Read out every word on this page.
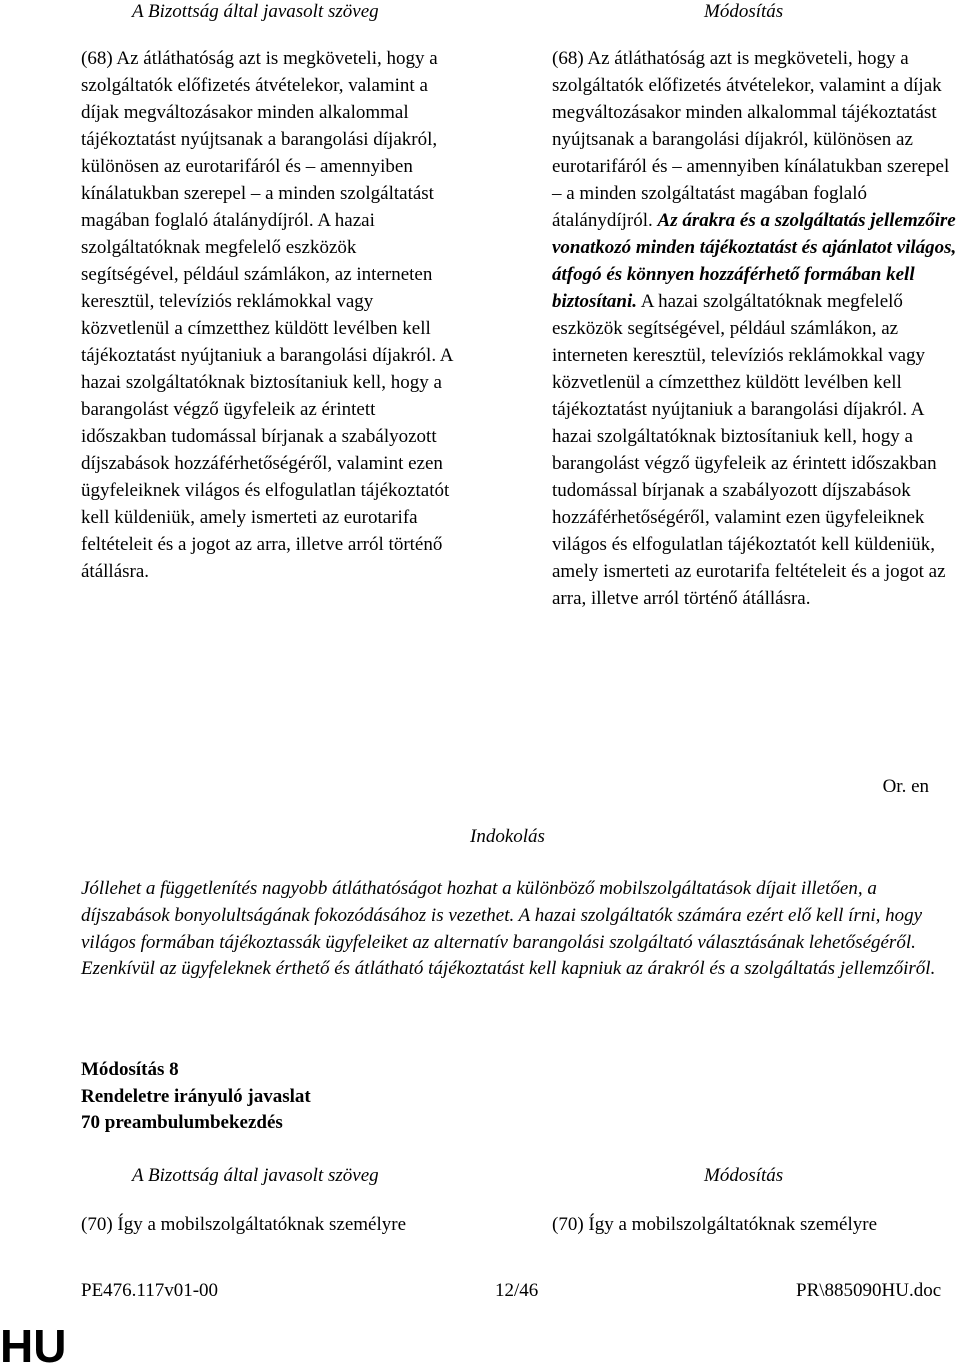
A Bizottság által javasolt szöveg	Módosítás

(68) Az átláthatóság azt is megköveteli, hogy a szolgáltatók előfizetés átvételekor, valamint a díjak megváltozásakor minden alkalommal tájékoztatást nyújtsanak a barangolási díjakról, különösen az eurotarifáról és – amennyiben kínálatukban szerepel – a minden szolgáltatást magában foglaló átalánydíjról. A hazai szolgáltatóknak megfelelő eszközök segítségével, például számlákon, az interneten keresztül, televíziós reklámokkal vagy közvetlenül a címzetthez küldött levélben kell tájékoztatást nyújtaniuk a barangolási díjakról. A hazai szolgáltatóknak biztosítaniuk kell, hogy a barangolást végző ügyfeleik az érintett időszakban tudomással bírjanak a szabályozott díjszabások hozzáférhetőségéről, valamint ezen ügyfeleiknek világos és elfogulatlan tájékoztatót kell küldeniük, amely ismerteti az eurotarifa feltételeit és a jogot az arra, illetve arról történő átállásra.

(68) Az átláthatóság azt is megköveteli, hogy a szolgáltatók előfizetés átvételekor, valamint a díjak megváltozásakor minden alkalommal tájékoztatást nyújtsanak a barangolási díjakról, különösen az eurotarifáról és – amennyiben kínálatukban szerepel – a minden szolgáltatást magában foglaló átalánydíjról. Az árakra és a szolgáltatás jellemzőire vonatkozó minden tájékoztatást és ajánlatot világos, átfogó és könnyen hozzáférhető formában kell biztosítani. A hazai szolgáltatóknak megfelelő eszközök segítségével, például számlákon, az interneten keresztül, televíziós reklámokkal vagy közvetlenül a címzetthez küldött levélben kell tájékoztatást nyújtaniuk a barangolási díjakról. A hazai szolgáltatóknak biztosítaniuk kell, hogy a barangolást végző ügyfeleik az érintett időszakban tudomással bírjanak a szabályozott díjszabások hozzáférhetőségéről, valamint ezen ügyfeleiknek világos és elfogulatlan tájékoztatót kell küldeniük, amely ismerteti az eurotarifa feltételeit és a jogot az arra, illetve arról történő átállásra.

Or. en
Indokolás

Jóllehet a függetlenítés nagyobb átláthatóságot hozhat a különböző mobilszolgáltatások díjait illetően, a díjszabások bonyolultságának fokozódásához is vezethet. A hazai szolgáltatók számára ezért elő kell írni, hogy világos formában tájékoztassák ügyfeleiket az alternatív barangolási szolgáltató választásának lehetőségéről. Ezenkívül az ügyfeleknek érthető és átlátható tájékoztatást kell kapniuk az árakról és a szolgáltatás jellemzőiről.

Módosítás 8
Rendeletre irányuló javaslat
70 preambulumbekezdés
A Bizottság által javasolt szöveg	Módosítás
(70) Így a mobilszolgáltatóknak személyre	(70) Így a mobilszolgáltatóknak személyre
PE476.117v01-00	12/46	PR\885090HU.doc
HU
